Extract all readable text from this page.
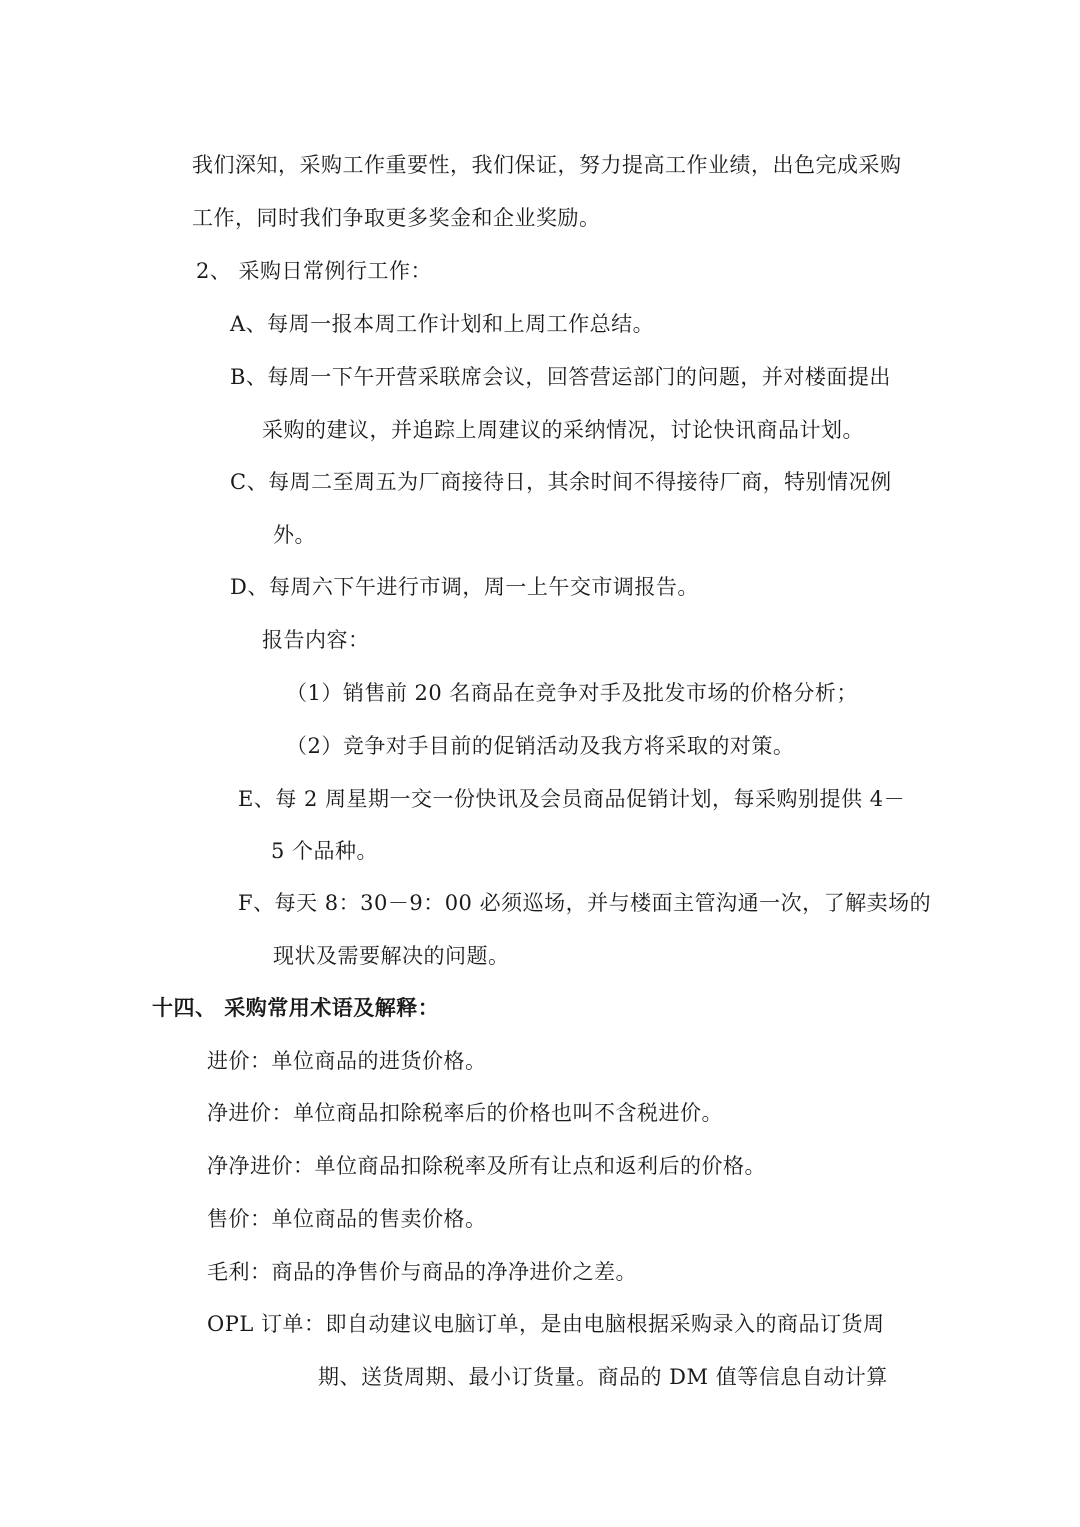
我们深知，采购工作重要性，我们保证，努力提高工作业绩，出色完成采购
工作，同时我们争取更多奖金和企业奖励。
2、 采购日常例行工作：
A、每周一报本周工作计划和上周工作总结。
B、每周一下午开营采联席会议，回答营运部门的问题，并对楼面提出
采购的建议，并追踪上周建议的采纳情况，讨论快讯商品计划。
C、每周二至周五为厂商接待日，其余时间不得接待厂商，特别情况例
外。
D、每周六下午进行市调，周一上午交市调报告。
报告内容：
（1）销售前 20 名商品在竞争对手及批发市场的价格分析；
（2）竞争对手目前的促销活动及我方将采取的对策。
E、每 2 周星期一交一份快讯及会员商品促销计划，每采购别提供 4－
5 个品种。
F、每天 8：30－9：00 必须巡场，并与楼面主管沟通一次，了解卖场的
现状及需要解决的问题。
十四、 采购常用术语及解释：
进价：单位商品的进货价格。
净进价：单位商品扣除税率后的价格也叫不含税进价。
净净进价：单位商品扣除税率及所有让点和返利后的价格。
售价：单位商品的售卖价格。
毛利：商品的净售价与商品的净净进价之差。
OPL 订单：即自动建议电脑订单，是由电脑根据采购录入的商品订货周
期、送货周期、最小订货量。商品的 DM 值等信息自动计算
